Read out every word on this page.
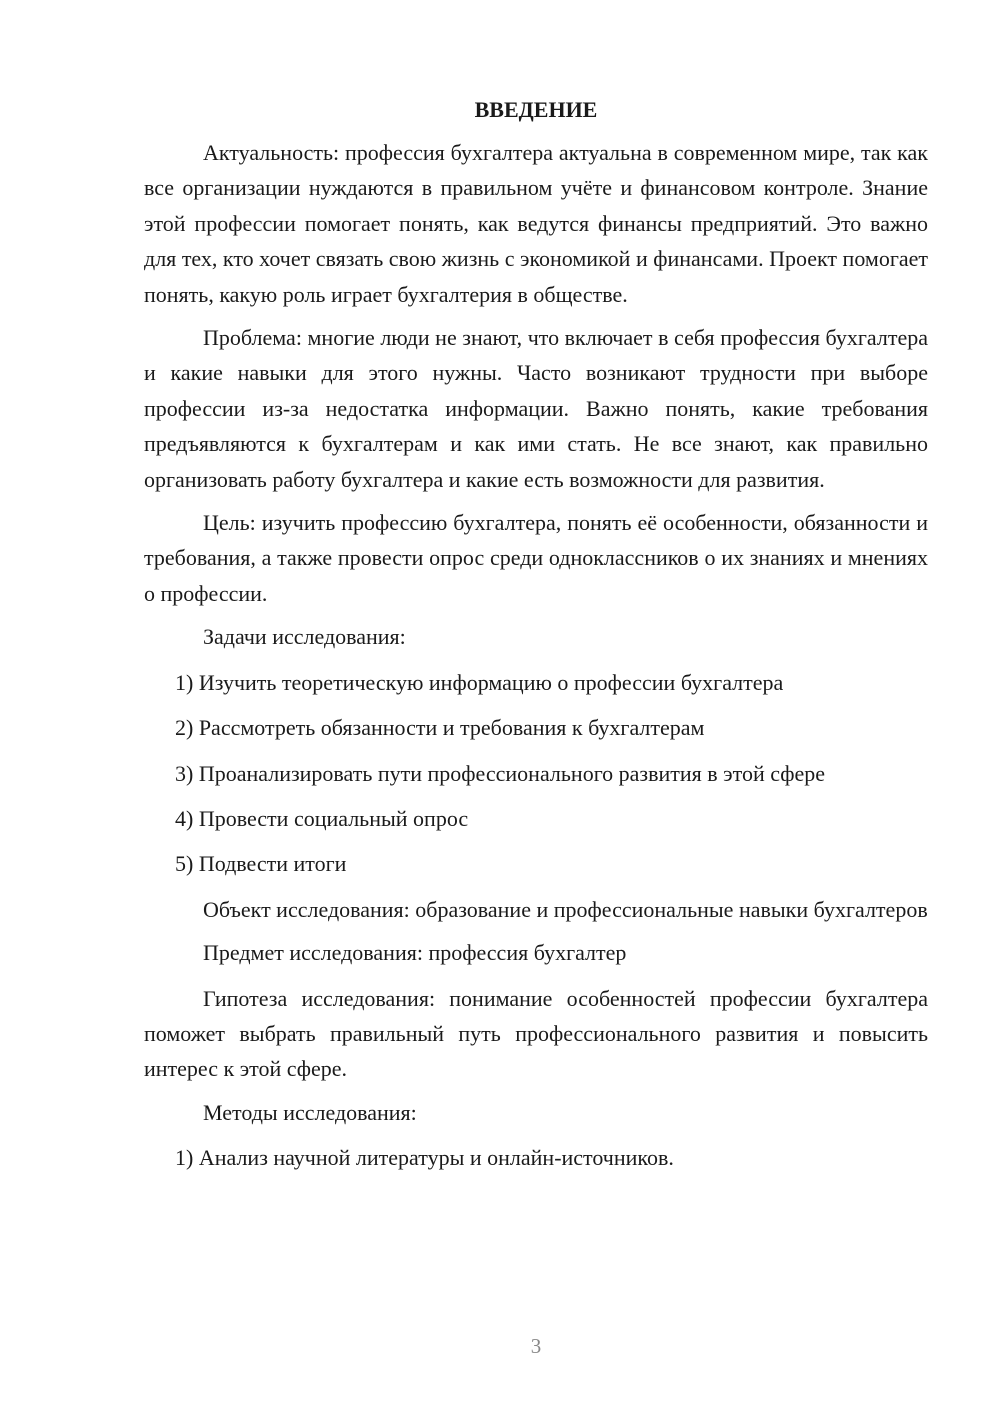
ВВЕДЕНИЕ

Актуальность: профессия бухгалтера актуальна в современном мире, так как все организации нуждаются в правильном учёте и финансовом контроле. Знание этой профессии помогает понять, как ведутся финансы предприятий. Это важно для тех, кто хочет связать свою жизнь с экономикой и финансами. Проект помогает понять, какую роль играет бухгалтерия в обществе.

Проблема: многие люди не знают, что включает в себя профессия бухгалтера и какие навыки для этого нужны. Часто возникают трудности при выборе профессии из-за недостатка информации. Важно понять, какие требования предъявляются к бухгалтерам и как ими стать. Не все знают, как правильно организовать работу бухгалтера и какие есть возможности для развития.

Цель: изучить профессию бухгалтера, понять её особенности, обязанности и требования, а также провести опрос среди одноклассников о их знаниях и мнениях о профессии.

Задачи исследования:

1) Изучить теоретическую информацию о профессии бухгалтера

2) Рассмотреть обязанности и требования к бухгалтерам

3) Проанализировать пути профессионального развития в этой сфере

4) Провести социальный опрос

5) Подвести итоги

Объект исследования: образование и профессиональные навыки бухгалтеров

Предмет исследования: профессия бухгалтер

Гипотеза исследования: понимание особенностей профессии бухгалтера поможет выбрать правильный путь профессионального развития и повысить интерес к этой сфере.

Методы исследования:

1) Анализ научной литературы и онлайн-источников.

3
